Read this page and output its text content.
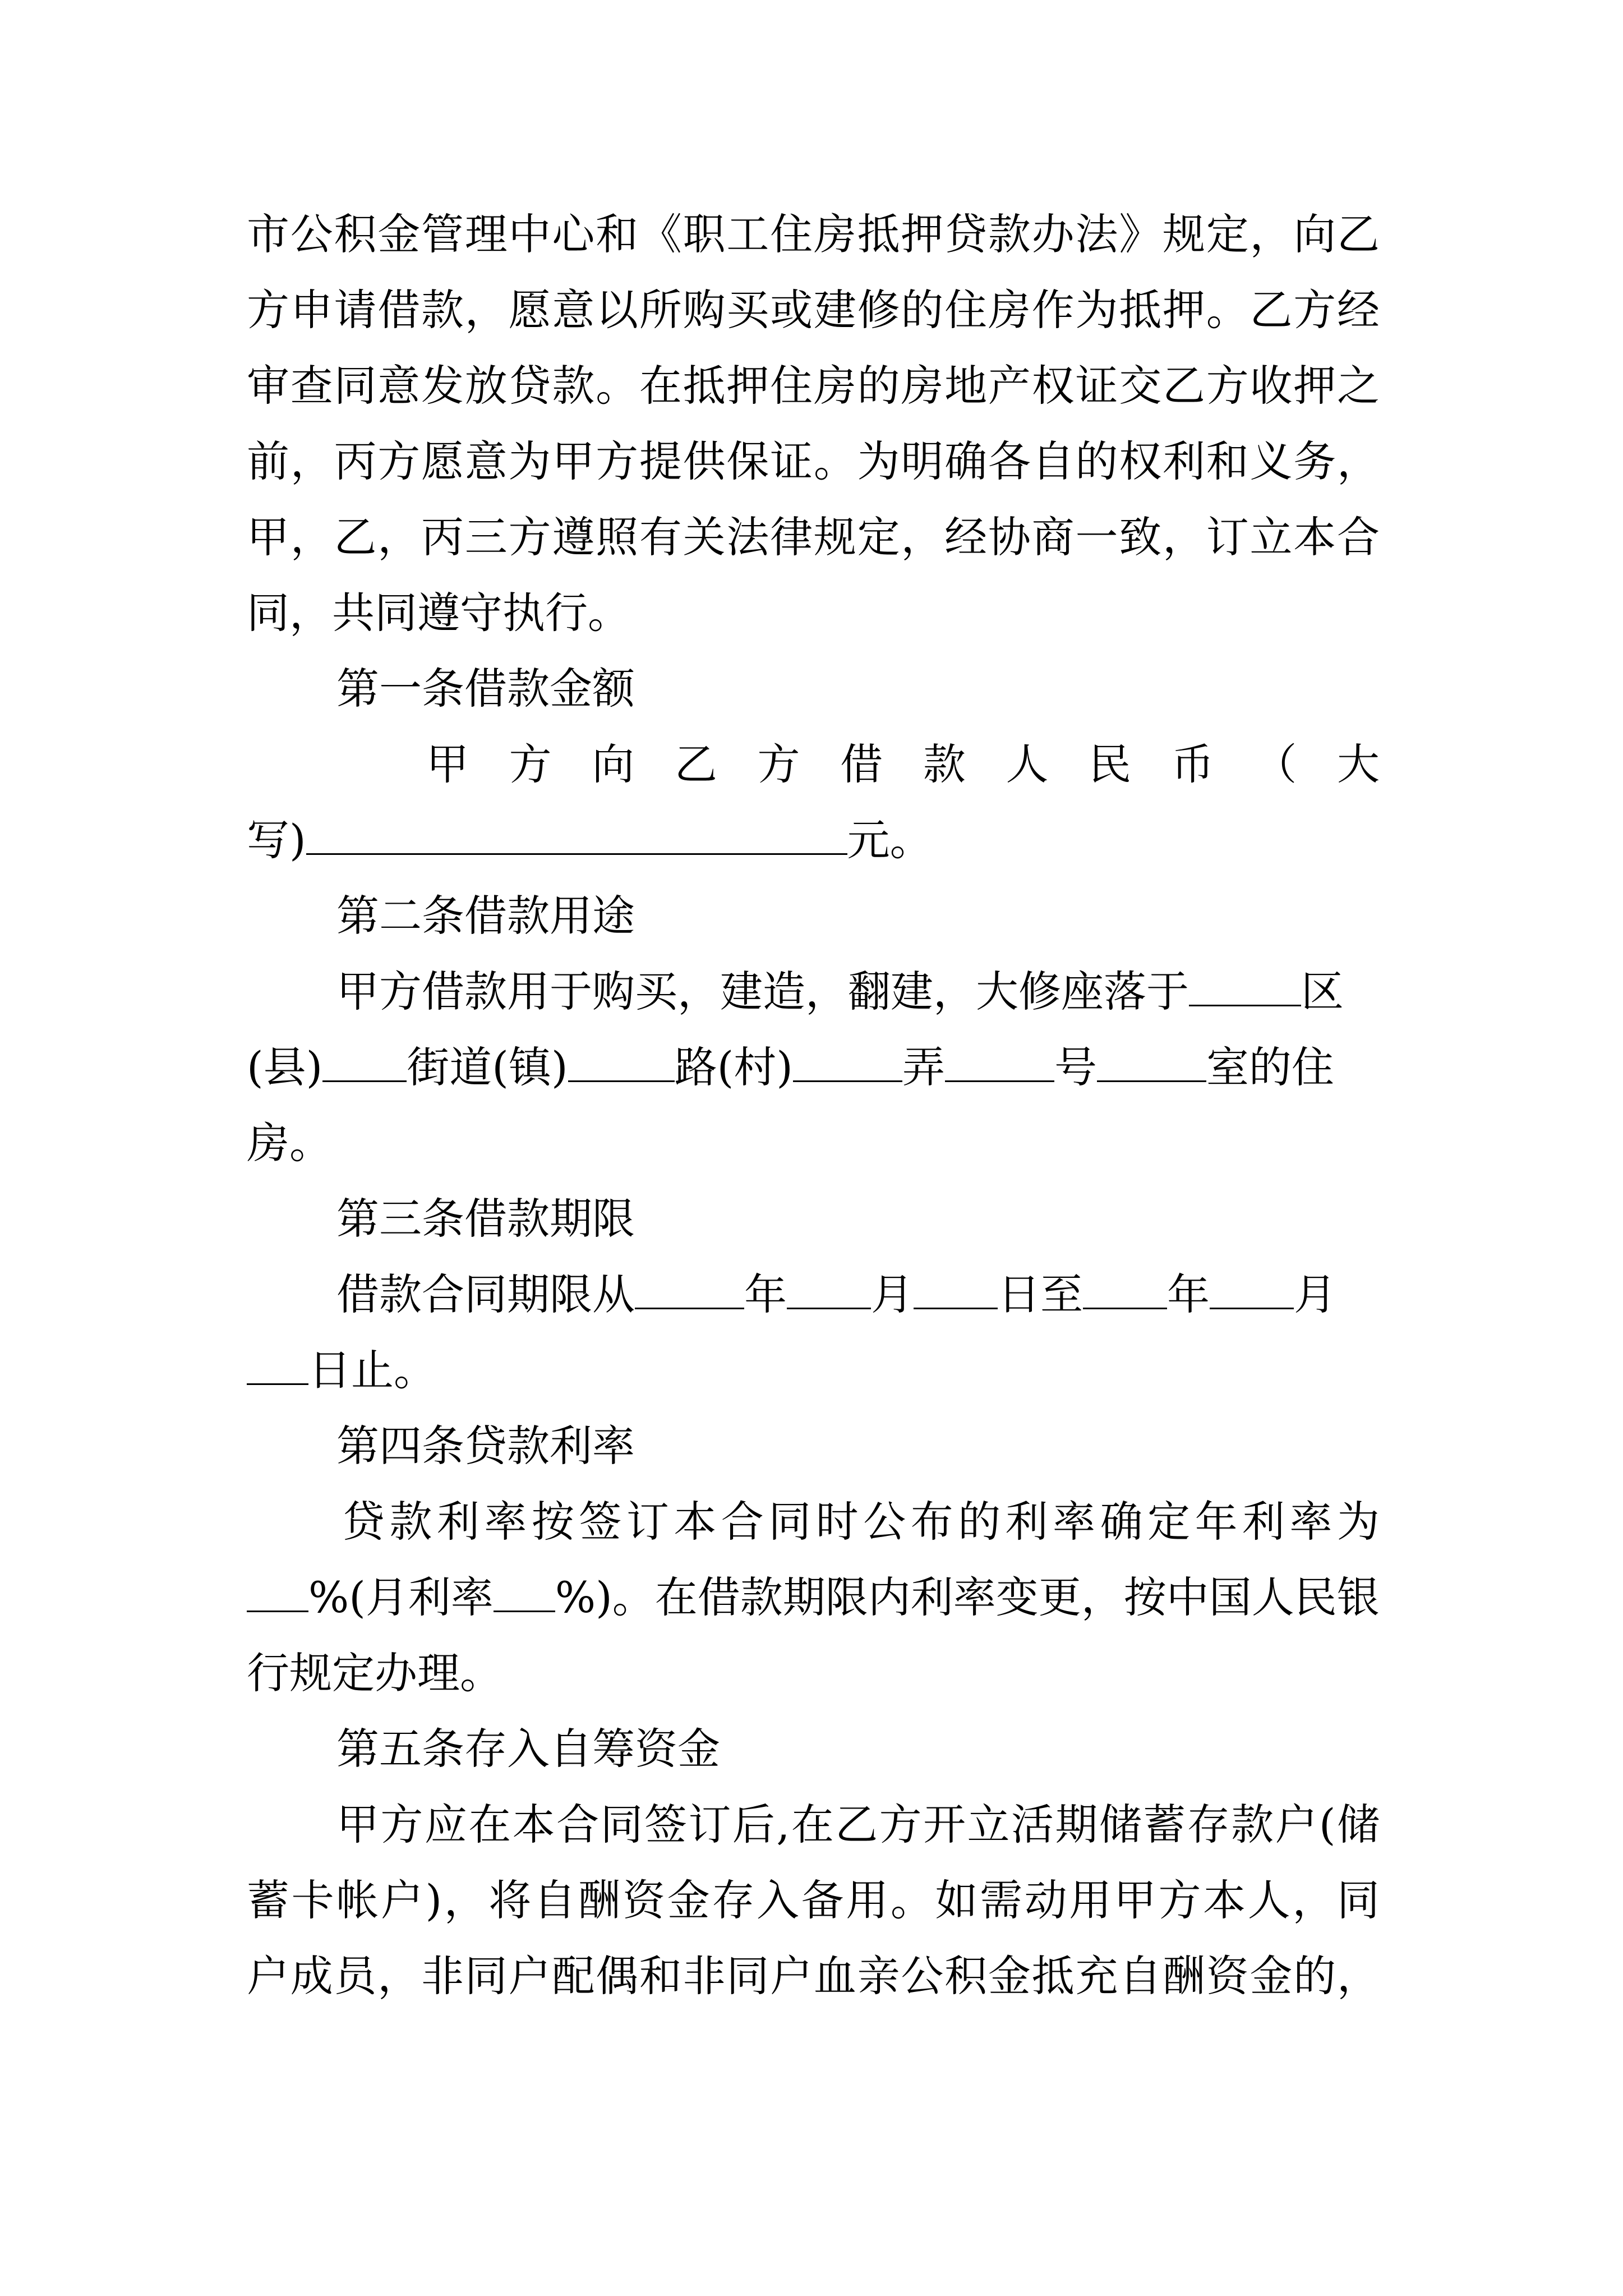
市公积金管理中心和《职工住房抵押贷款办法》规定，向乙
方申请借款，愿意以所购买或建修的住房作为抵押。乙方经
审查同意发放贷款。在抵押住房的房地产权证交乙方收押之
前，丙方愿意为甲方提供保证。为明确各自的权利和义务，
甲，乙，丙三方遵照有关法律规定，经协商一致，订立本合
同，共同遵守执行。
第一条借款金额
甲 方 向 乙 方 借 款 人 民 币 （ 大
写)	元。
第二条借款用途
甲方借款用于购买，建造，翻建，大修座落于	区
(县) 街道(镇)	路(村)	弄	号	室的住
房。
第三条借款期限
借款合同期限从	年 月 日至 年 月
日止。
第四条贷款利率
贷款利率按签订本合同时公布的利率确定年利率为
%(月利率 %)。在借款期限内利率变更，按中国人民银
行规定办理。
第五条存入自筹资金
甲方应在本合同签订后,在乙方开立活期储蓄存款户(储
蓄卡帐户)，将自酬资金存入备用。如需动用甲方本人，同
户成员，非同户配偶和非同户血亲公积金抵充自酬资金的，
